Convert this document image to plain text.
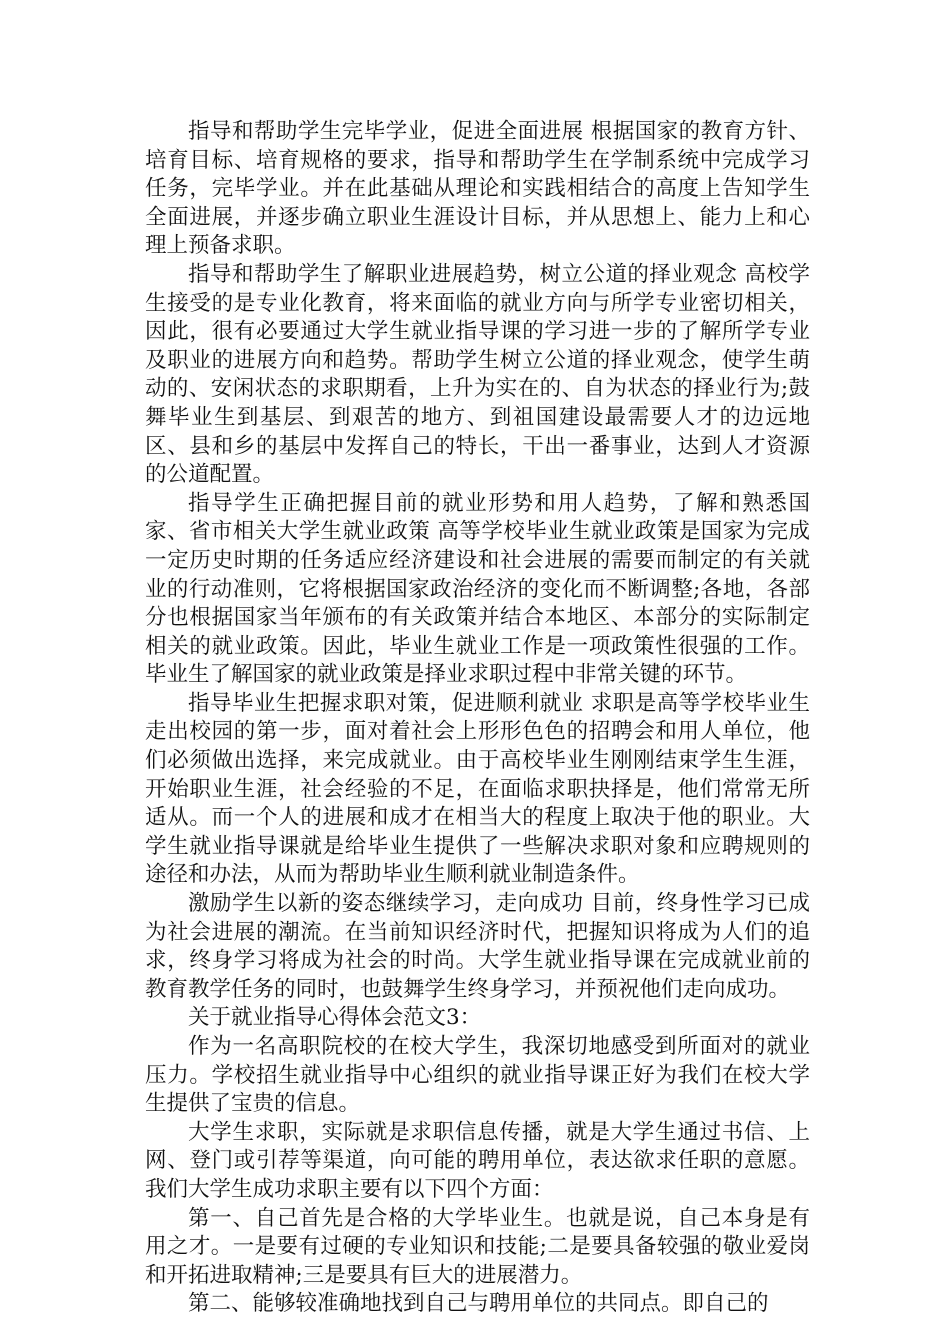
指导和帮助学生完毕学业，促进全面进展 根据国家的教育方针、培育目标、培育规格的要求，指导和帮助学生在学制系统中完成学习任务，完毕学业。并在此基础从理论和实践相结合的高度上告知学生全面进展，并逐步确立职业生涯设计目标，并从思想上、能力上和心理上预备求职。

指导和帮助学生了解职业进展趋势，树立公道的择业观念 高校学生接受的是专业化教育，将来面临的就业方向与所学专业密切相关，因此，很有必要通过大学生就业指导课的学习进一步的了解所学专业及职业的进展方向和趋势。帮助学生树立公道的择业观念，使学生萌动的、安闲状态的求职期看，上升为实在的、自为状态的择业行为;鼓舞毕业生到基层、到艰苦的地方、到祖国建设最需要人才的边远地区、县和乡的基层中发挥自己的特长，干出一番事业，达到人才资源的公道配置。

指导学生正确把握目前的就业形势和用人趋势，了解和熟悉国家、省市相关大学生就业政策 高等学校毕业生就业政策是国家为完成一定历史时期的任务适应经济建设和社会进展的需要而制定的有关就业的行动准则，它将根据国家政治经济的变化而不断调整;各地，各部分也根据国家当年颁布的有关政策并结合本地区、本部分的实际制定相关的就业政策。因此，毕业生就业工作是一项政策性很强的工作。毕业生了解国家的就业政策是择业求职过程中非常关键的环节。

指导毕业生把握求职对策，促进顺利就业 求职是高等学校毕业生走出校园的第一步，面对着社会上形形色色的招聘会和用人单位，他们必须做出选择，来完成就业。由于高校毕业生刚刚结束学生生涯，开始职业生涯，社会经验的不足，在面临求职抉择是，他们常常无所适从。而一个人的进展和成才在相当大的程度上取决于他的职业。大学生就业指导课就是给毕业生提供了一些解决求职对象和应聘规则的途径和办法，从而为帮助毕业生顺利就业制造条件。

激励学生以新的姿态继续学习，走向成功 目前，终身性学习已成为社会进展的潮流。在当前知识经济时代，把握知识将成为人们的追求，终身学习将成为社会的时尚。大学生就业指导课在完成就业前的教育教学任务的同时，也鼓舞学生终身学习，并预祝他们走向成功。

关于就业指导心得体会范文3：

作为一名高职院校的在校大学生，我深切地感受到所面对的就业压力。学校招生就业指导中心组织的就业指导课正好为我们在校大学生提供了宝贵的信息。

大学生求职，实际就是求职信息传播，就是大学生通过书信、上网、登门或引荐等渠道，向可能的聘用单位，表达欲求任职的意愿。我们大学生成功求职主要有以下四个方面：

第一、自己首先是合格的大学毕业生。也就是说，自己本身是有用之才。一是要有过硬的专业知识和技能;二是要具备较强的敬业爱岗和开拓进取精神;三是要具有巨大的进展潜力。

第二、能够较准确地找到自己与聘用单位的共同点。即自己的
